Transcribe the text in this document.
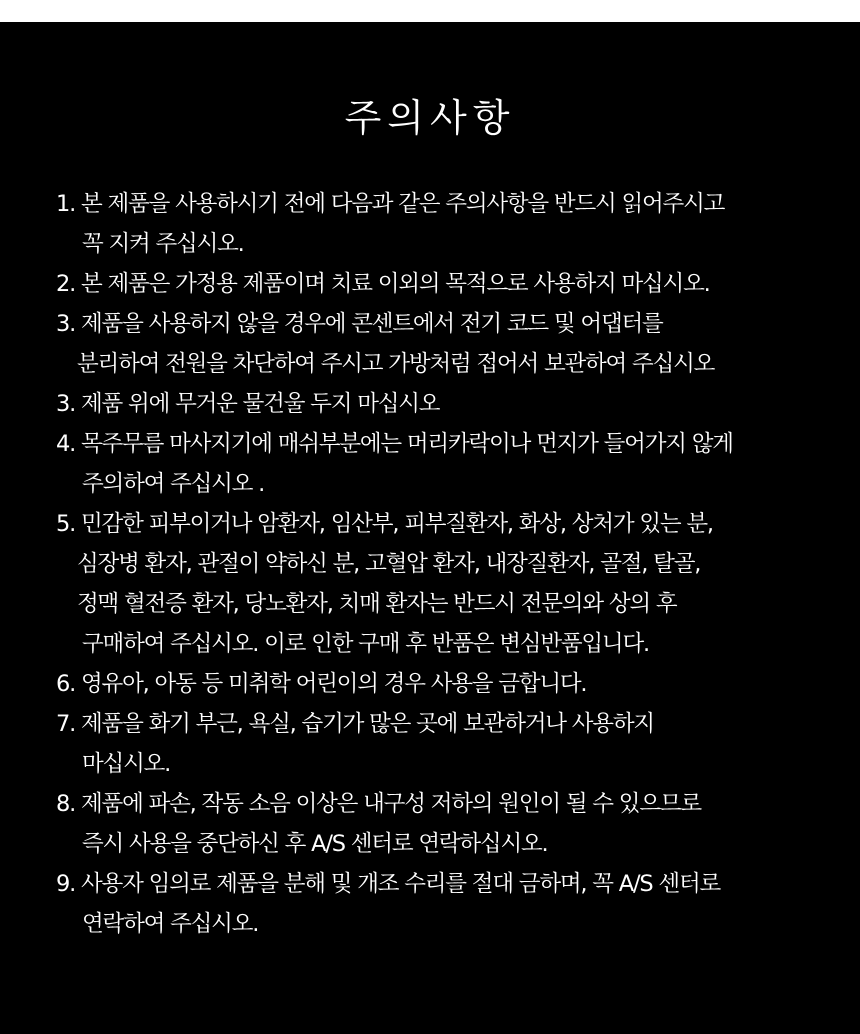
주의사항
1. 본 제품을 사용하시기 전에 다음과 같은 주의사항을 반드시 읽어주시고
꼭 지켜 주십시오.
2. 본 제품은 가정용 제품이며 치료 이외의 목적으로 사용하지 마십시오.
3. 제품을 사용하지 않을 경우에 콘센트에서 전기 코드 및 어댑터를
분리하여 전원을 차단하여 주시고 가방처럼 접어서 보관하여 주십시오
3. 제품 위에 무거운 물건울 두지 마십시오
4. 목주무름 마사지기에 매쉬부분에는 머리카락이나 먼지가 들어가지 않게
주의하여 주십시오 .
5. 민감한 피부이거나 암환자, 임산부, 피부질환자, 화상, 상처가 있는 분,
심장병 환자, 관절이 약하신 분, 고혈압 환자, 내장질환자, 골절, 탈골,
정맥 혈전증 환자, 당노환자, 치매 환자는 반드시 전문의와 상의 후
구매하여 주십시오. 이로 인한 구매 후 반품은 변심반품입니다.
6. 영유아, 아동 등 미취학 어린이의 경우 사용을 금합니다.
7. 제품을 화기 부근, 욕실, 습기가 많은 곳에 보관하거나 사용하지
마십시오.
8. 제품에 파손, 작동 소음 이상은 내구성 저하의 원인이 될 수 있으므로
즉시 사용을 중단하신 후 A/S 센터로 연락하십시오.
9. 사용자 임의로 제품을 분해 및 개조 수리를 절대 금하며, 꼭 A/S 센터로
연락하여 주십시오.
